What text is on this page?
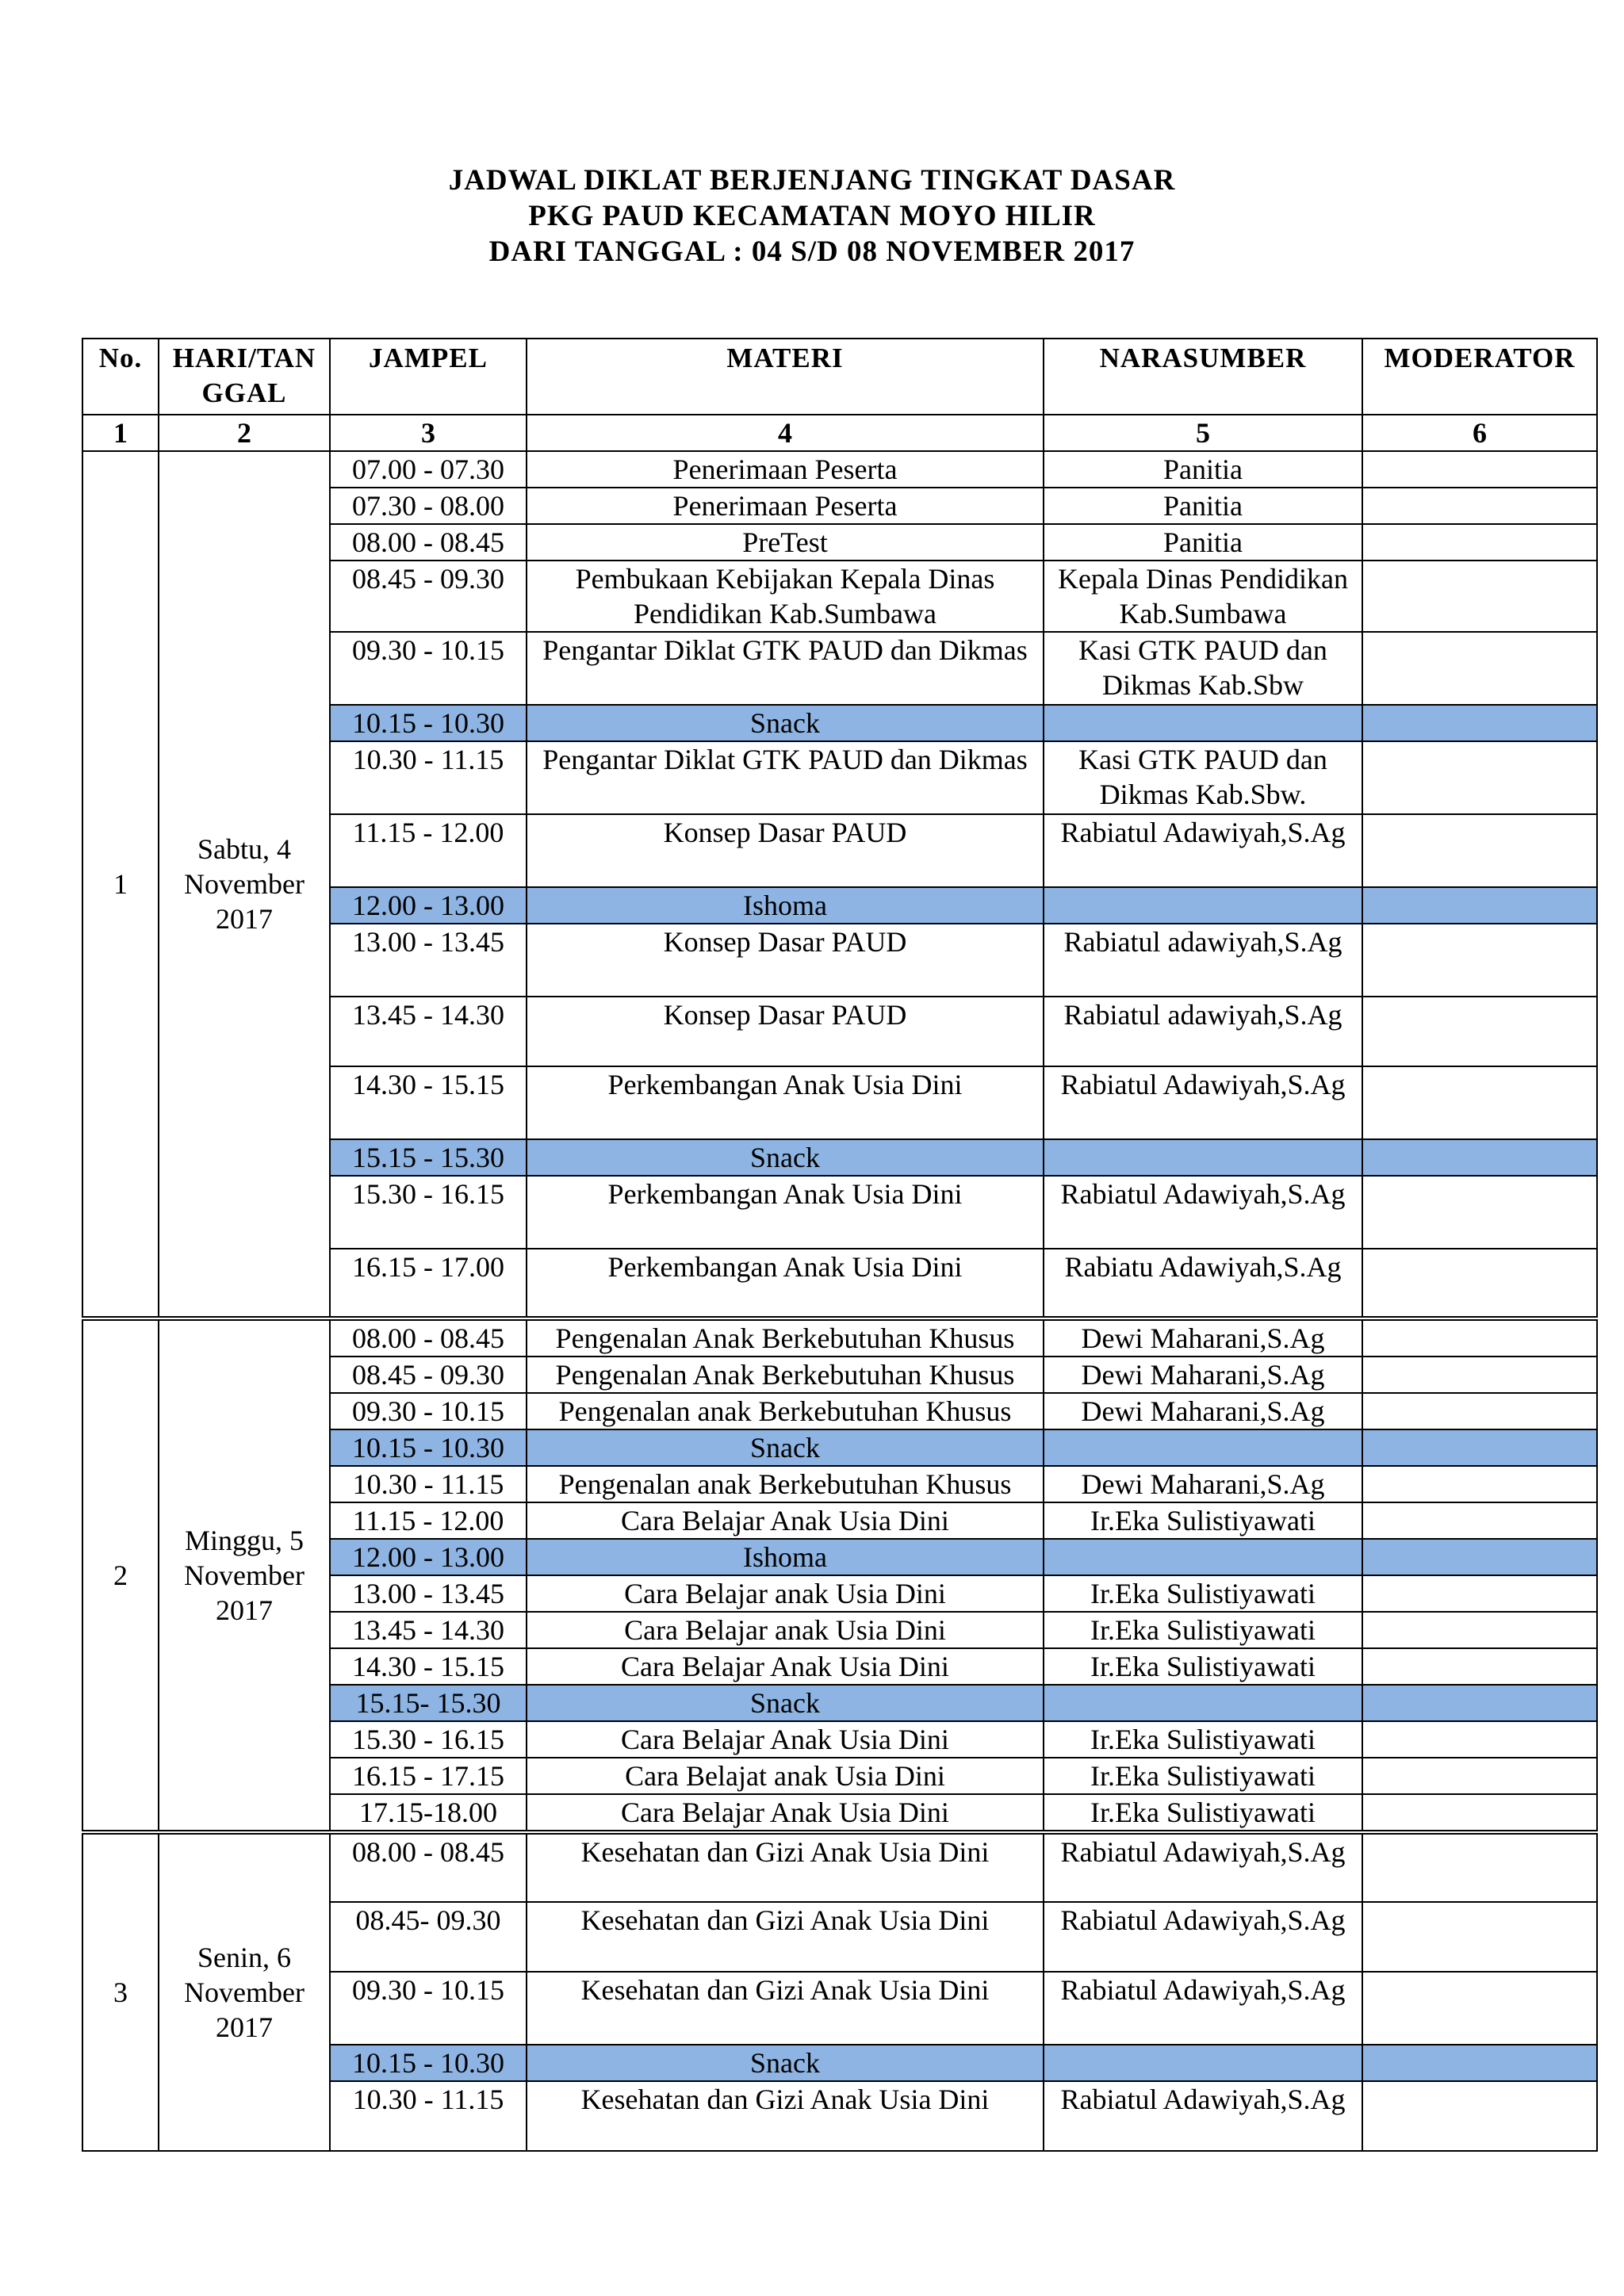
JADWAL DIKLAT BERJENJANG TINGKAT DASAR
PKG PAUD KECAMATAN MOYO HILIR
DARI TANGGAL : 04 S/D 08 NOVEMBER 2017
No.	HARI/TANGGAL	JAMPEL	MATERI	NARASUMBER	MODERATOR
1	2	3	4	5	6
1	Sabtu, 4 November 2017	07.00 - 07.30	Penerimaan Peserta	Panitia	
		07.30 - 08.00	Penerimaan Peserta	Panitia	
		08.00 - 08.45	PreTest	Panitia	
		08.45 - 09.30	Pembukaan Kebijakan Kepala Dinas Pendidikan Kab.Sumbawa	Kepala Dinas Pendidikan Kab.Sumbawa	
		09.30 - 10.15	Pengantar Diklat GTK PAUD dan Dikmas	Kasi GTK PAUD dan Dikmas Kab.Sbw	
		10.15 - 10.30	Snack		
		10.30 - 11.15	Pengantar Diklat GTK PAUD dan Dikmas	Kasi GTK PAUD dan Dikmas Kab.Sbw.	
		11.15 - 12.00	Konsep Dasar PAUD	Rabiatul Adawiyah,S.Ag	
		12.00 - 13.00	Ishoma		
		13.00 - 13.45	Konsep Dasar PAUD	Rabiatul adawiyah,S.Ag	
		13.45 - 14.30	Konsep Dasar PAUD	Rabiatul adawiyah,S.Ag	
		14.30 - 15.15	Perkembangan Anak Usia Dini	Rabiatul Adawiyah,S.Ag	
		15.15 - 15.30	Snack		
		15.30 - 16.15	Perkembangan Anak Usia Dini	Rabiatul Adawiyah,S.Ag	
		16.15 - 17.00	Perkembangan Anak Usia Dini	Rabiatu Adawiyah,S.Ag	
2	Minggu, 5 November 2017	08.00 - 08.45	Pengenalan Anak Berkebutuhan Khusus	Dewi Maharani,S.Ag	
		08.45 - 09.30	Pengenalan Anak Berkebutuhan Khusus	Dewi Maharani,S.Ag	
		09.30 - 10.15	Pengenalan anak Berkebutuhan Khusus	Dewi Maharani,S.Ag	
		10.15 - 10.30	Snack		
		10.30 - 11.15	Pengenalan anak Berkebutuhan Khusus	Dewi Maharani,S.Ag	
		11.15 - 12.00	Cara Belajar Anak Usia Dini	Ir.Eka Sulistiyawati	
		12.00 - 13.00	Ishoma		
		13.00 - 13.45	Cara Belajar anak Usia Dini	Ir.Eka Sulistiyawati	
		13.45 - 14.30	Cara Belajar anak Usia Dini	Ir.Eka Sulistiyawati	
		14.30 - 15.15	Cara Belajar Anak Usia Dini	Ir.Eka Sulistiyawati	
		15.15- 15.30	Snack		
		15.30 - 16.15	Cara Belajar Anak Usia Dini	Ir.Eka Sulistiyawati	
		16.15 - 17.15	Cara Belajat anak Usia Dini	Ir.Eka Sulistiyawati	
		17.15-18.00	Cara Belajar Anak Usia Dini	Ir.Eka Sulistiyawati	
3	Senin, 6 November 2017	08.00 - 08.45	Kesehatan dan Gizi Anak Usia Dini	Rabiatul Adawiyah,S.Ag	
		08.45- 09.30	Kesehatan dan Gizi Anak Usia Dini	Rabiatul Adawiyah,S.Ag	
		09.30 - 10.15	Kesehatan dan Gizi Anak Usia Dini	Rabiatul Adawiyah,S.Ag	
		10.15 - 10.30	Snack		
		10.30 - 11.15	Kesehatan dan Gizi Anak Usia Dini	Rabiatul Adawiyah,S.Ag	
